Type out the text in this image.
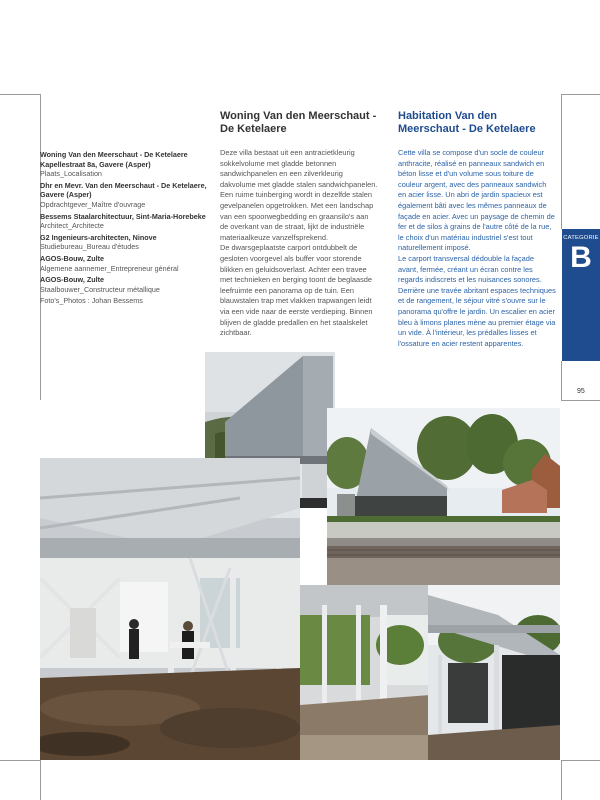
Woning Van den Meerschaut - De Ketelaere Kapellestraat 8a, Gavere (Asper)
Plaats_Localisation
Dhr en Mevr. Van den Meerschaut - De Ketelaere, Gavere (Asper)
Opdrachtgever_Maître d'ouvrage
Bessems Staalarchitectuur, Sint-Maria-Horebeke
Architect_Architecte
G2 Ingenieurs-architecten, Ninove
Studiebureau_Bureau d'études
AGOS-Bouw, Zulte
Algemene aannemer_Entrepreneur général
AGOS-Bouw, Zulte
Staalbouwer_Constructeur métallique
Foto's_Photos : Johan Bessems
Woning Van den Meerschaut - De Ketelaere

Deze villa bestaat uit een antracietkleurig sokkelvolume met gladde betonnen sandwichpanelen en een zilverkleurig dakvolume met gladde stalen sandwichpanelen. Een ruime tuinberging wordt in dezelfde stalen gevelpanelen opgetrokken. Met een landschap van een spoorwegbedding en graansilo's aan de overkant van de straat, lijkt de industriële materiaalkeuze vanzelfsprekend.

De dwarsgeplaatste carport ontdubbelt de gesloten voorgevel als buffer voor storende blikken en geluidsoverlast. Achter een travee met technieken en berging toont de beglaasde leefruimte een panorama op de tuin. Een blauwstalen trap met vlakken trapwangen leidt via een vide naar de eerste verdieping. Binnen blijven de gladde predallen en het staalskelet zichtbaar.

Habitation Van den Meerschaut - De Ketelaere

Cette villa se compose d'un socle de couleur anthracite, réalisé en panneaux sandwich en béton lisse et d'un volume sous toiture de couleur argent, avec des panneaux sandwich en acier lisse. Un abri de jardin spacieux est également bâti avec les mêmes panneaux de façade en acier. Avec un paysage de chemin de fer et de silos à grains de l'autre côté de la rue, le choix d'un matériau industriel s'est tout naturellement imposé.

Le carport transversal dédouble la façade avant, fermée, créant un écran contre les regards indiscrets et les nuisances sonores. Derrière une travée abritant espaces techniques et de rangement, le séjour vitré s'ouvre sur le panorama qu'offre le jardin. Un escalier en acier bleu à limons planes mène au premier étage via un vide. À l'intérieur, les prédalles lisses et l'ossature en acier restent apparentes.

CATEGORIE
B
95
